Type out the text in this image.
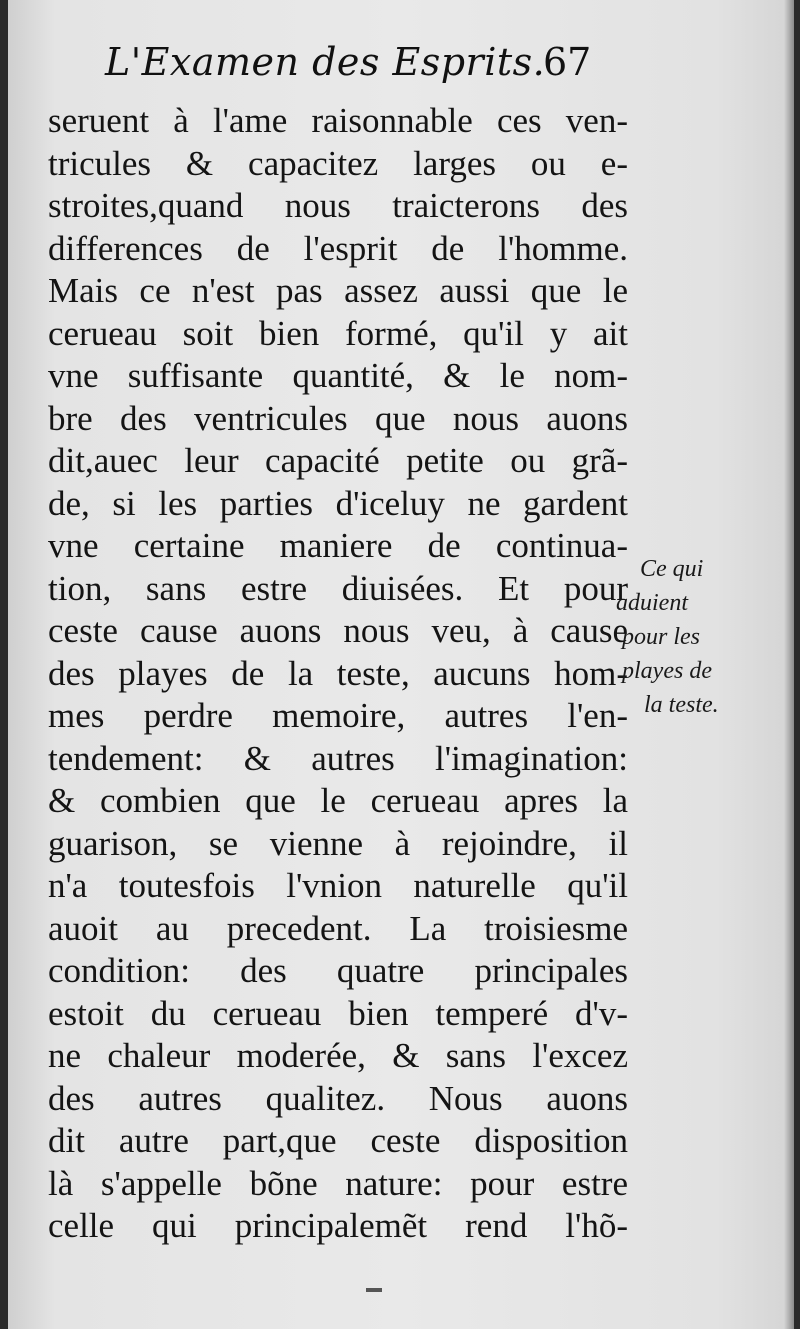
L'Examen des Esprits.
67
seruent à l'ame raisonnable ces ven-
tricules & capacitez larges ou e-
stroites,quand nous traicterons des
differences de l'esprit de l'homme.
Mais ce n'est pas assez aussi que le
cerueau soit bien formé, qu'il y ait
vne suffisante quantité, & le nom-
bre des ventricules que nous auons
dit,auec leur capacité petite ou grã-
de, si les parties d'iceluy ne gardent
vne certaine maniere de continua-
tion, sans estre diuisées. Et pour
ceste cause auons nous veu, à cause
des playes de la teste, aucuns hom-
mes perdre memoire, autres l'en-
tendement: & autres l'imagination:
& combien que le cerueau apres la
guarison, se vienne à rejoindre, il
n'a toutesfois l'vnion naturelle qu'il
auoit au precedent. La troisiesme
condition: des quatre principales
estoit du cerueau bien temperé d'v-
ne chaleur moderée, & sans l'excez
des autres qualitez. Nous auons
dit autre part,que ceste disposition
là s'appelle bõne nature: pour estre
celle qui principalemẽt rend l'hõ-
Ce qui
aduient
pour les
playes de
la teste.
